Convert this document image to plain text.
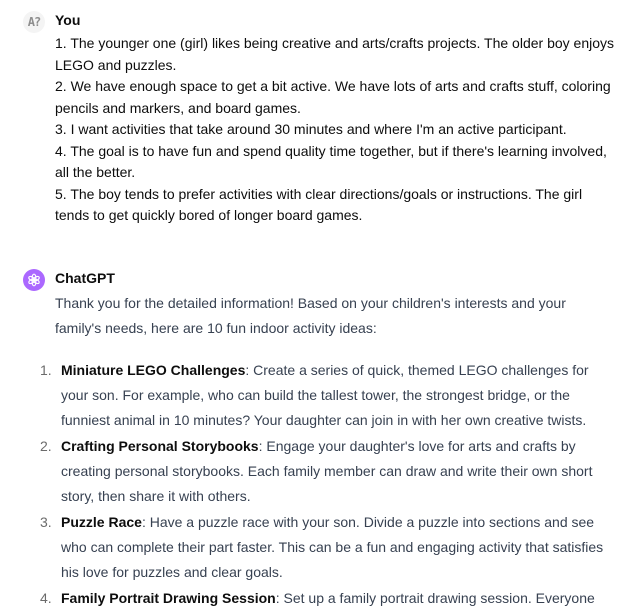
A?	You

1. The younger one (girl) likes being creative and arts/crafts projects. The older boy enjoys LEGO and puzzles.

2. We have enough space to get a bit active. We have lots of arts and crafts stuff, coloring pencils and markers, and board games.

3. I want activities that take around 30 minutes and where I'm an active participant.

4. The goal is to have fun and spend quality time together, but if there's learning involved, all the better.

5. The boy tends to prefer activities with clear directions/goals or instructions. The girl tends to get quickly bored of longer board games.

ChatGPT
Thank you for the detailed information! Based on your children's interests and your family's needs, here are 10 fun indoor activity ideas:
1. Miniature LEGO Challenges: Create a series of quick, themed LEGO challenges for your son. For example, who can build the tallest tower, the strongest bridge, or the funniest animal in 10 minutes? Your daughter can join in with her own creative twists.
2. Crafting Personal Storybooks: Engage your daughter's love for arts and crafts by creating personal storybooks. Each family member can draw and write their own short story, then share it with others.
3. Puzzle Race: Have a puzzle race with your son. Divide a puzzle into sections and see who can complete their part faster. This can be a fun and engaging activity that satisfies his love for puzzles and clear goals.
4. Family Portrait Drawing Session: Set up a family portrait drawing session. Everyone
